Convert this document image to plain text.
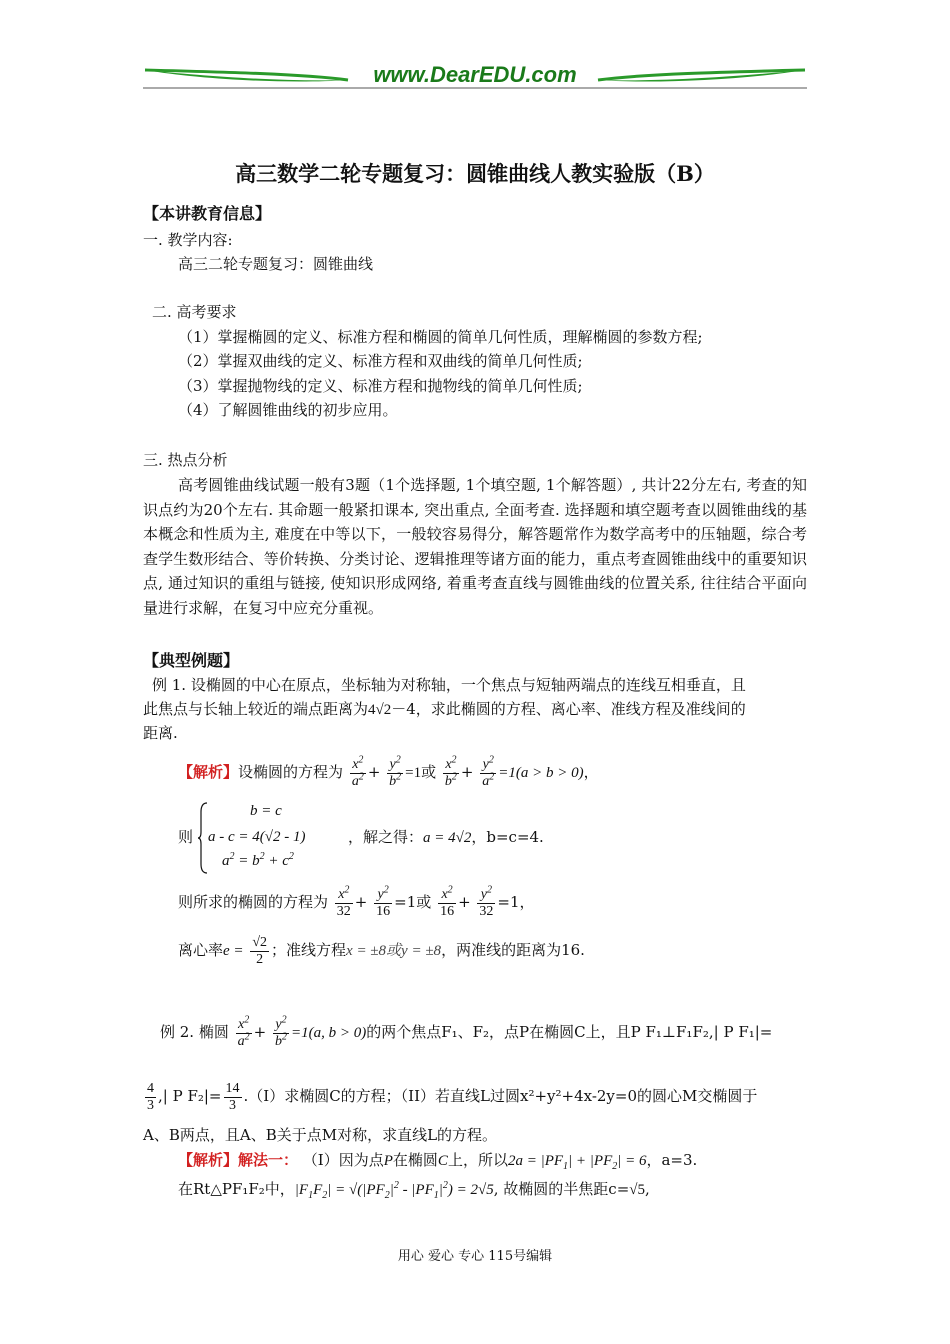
www.DearEDU.com
高三数学二轮专题复习：圆锥曲线人教实验版（B）
【本讲教育信息】
一. 教学内容:
高三二轮专题复习：圆锥曲线
二. 高考要求
（1）掌握椭圆的定义、标准方程和椭圆的简单几何性质，理解椭圆的参数方程;
（2）掌握双曲线的定义、标准方程和双曲线的简单几何性质;
（3）掌握抛物线的定义、标准方程和抛物线的简单几何性质;
（4）了解圆锥曲线的初步应用。
三. 热点分析
高考圆锥曲线试题一般有3题（1个选择题, 1个填空题, 1个解答题）, 共计22分左右, 考查的知识点约为20个左右. 其命题一般紧扣课本, 突出重点, 全面考查. 选择题和填空题考查以圆锥曲线的基本概念和性质为主, 难度在中等以下，一般较容易得分，解答题常作为数学高考中的压轴题，综合考查学生数形结合、等价转换、分类讨论、逻辑推理等诸方面的能力，重点考查圆锥曲线中的重要知识点, 通过知识的重组与链接, 使知识形成网络, 着重考查直线与圆锥曲线的位置关系, 往往结合平面向量进行求解，在复习中应充分重视。
【典型例题】
例 1. 设椭圆的中心在原点，坐标轴为对称轴，一个焦点与短轴两端点的连线互相垂直，且
此焦点与长轴上较近的端点距离为4√2－4，求此椭圆的方程、离心率、准线方程及准线间的
距离.
【解析】设椭圆的方程为 $\frac{x^2}{a^2} + \frac{y^2}{b^2} =1$或 $\frac{x^2}{b^2} + \frac{y^2}{a^2} =1(a > b > 0)$，
则
b = c
a - c = 4(√2 - 1)
$a^2 = b^2 + c^2$
，解之得：a = 4√2，b=c=4.
则所求的椭圆的方程为 $\frac{x^2}{32} + \frac{y^2}{16} =1$或 $\frac{x^2}{16} + \frac{y^2}{32} =1$，
离心率$e = \frac{√2}{2}$ ；准线方程x = ±8或y = ±8，两准线的距离为16.
例 2. 椭圆 $\frac{x^2}{a^2} + \frac{y^2}{b^2} =1(a$, b > 0)的两个焦点F₁、F₂，点P在椭圆C上，且P F₁⊥F₁F₂,| P F₁|=
$\frac{4}{3}$ ,| P $F_2|= \frac{14}{3} .(I)$求椭圆C的方程；（II）若直线L过圆x²+y²+4x-2y=0的圆心M交椭圆于
A、B两点，且A、B关于点M对称，求直线L的方程。
【解析】解法一： （Ⅰ）因为点P在椭圆C上，所以$2a = |PF_1| + |PF_2| = 6$，a=3.
在Rt△PF₁F₂中，$|F_1F_2| = √(|PF_2|^2 - |PF_1|^2) = 2√5$, 故椭圆的半焦距c=√5,
用心 爱心 专心 115号编辑
